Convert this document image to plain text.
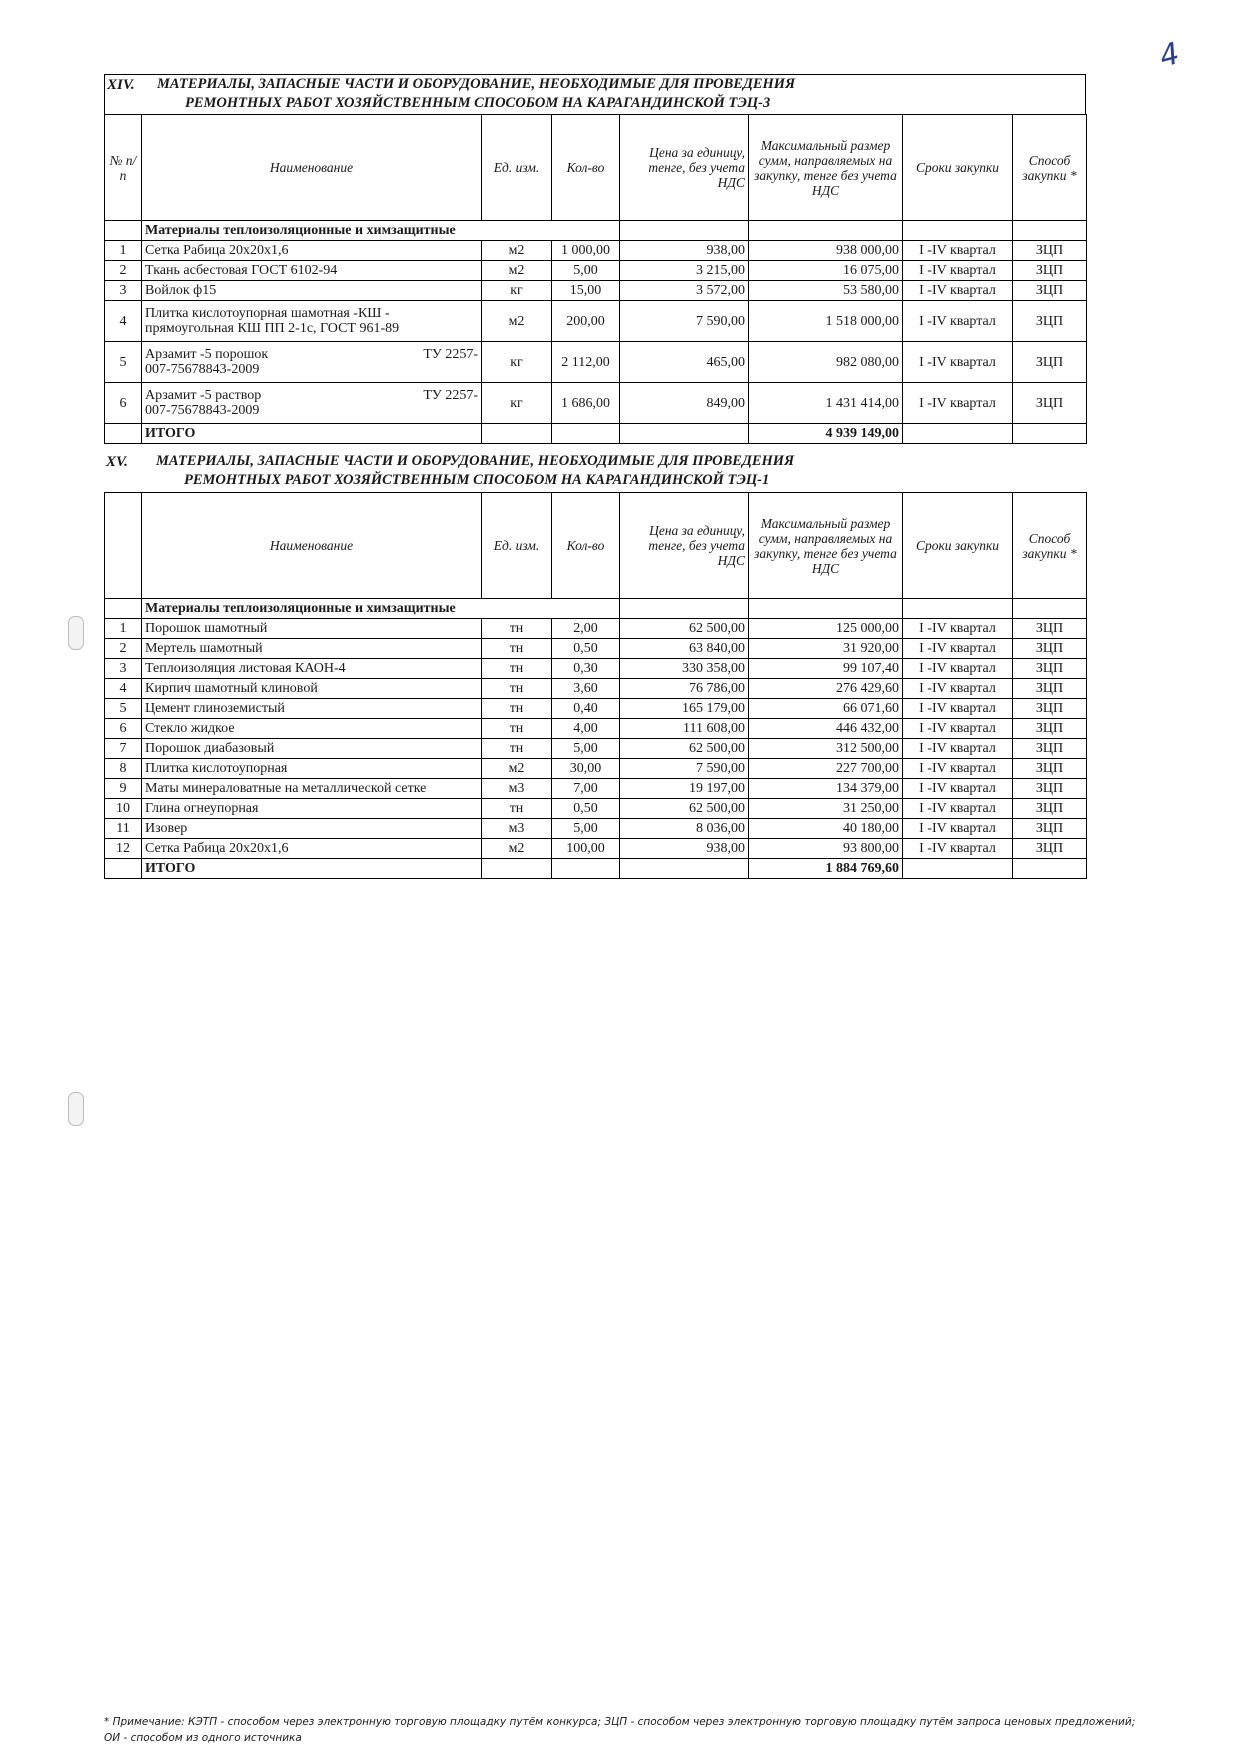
4
XIV. МАТЕРИАЛЫ, ЗАПАСНЫЕ ЧАСТИ И ОБОРУДОВАНИЕ, НЕОБХОДИМЫЕ ДЛЯ ПРОВЕДЕНИЯ
РЕМОНТНЫХ РАБОТ ХОЗЯЙСТВЕННЫМ СПОСОБОМ НА КАРАГАНДИНСКОЙ ТЭЦ-3
№ п/п	Наименование	Ед. изм.	Кол-во	Цена за единицу, тенге, без учета НДС	Максимальный размер сумм, направляемых на закупку, тенге без учета НДС	Сроки закупки	Способ закупки *
	Материалы теплоизоляционные и химзащитные						
1	Сетка Рабица 20х20х1,6	м2	1 000,00	938,00	938 000,00	I -IV квартал	ЗЦП
2	Ткань асбестовая ГОСТ 6102-94	м2	5,00	3 215,00	16 075,00	I -IV квартал	ЗЦП
3	Войлок ф15	кг	15,00	3 572,00	53 580,00	I -IV квартал	ЗЦП
4	Плитка кислотоупорная шамотная -КШ - прямоугольная КШ ПП 2-1с, ГОСТ 961-89	м2	200,00	7 590,00	1 518 000,00	I -IV квартал	ЗЦП
5	Арзамит -5 порошок ТУ 2257-
007-75678843-2009	кг	2 112,00	465,00	982 080,00	I -IV квартал	ЗЦП
6	Арзамит -5 раствор ТУ 2257-
007-75678843-2009	кг	1 686,00	849,00	1 431 414,00	I -IV квартал	ЗЦП
	ИТОГО				4 939 149,00		
XV. МАТЕРИАЛЫ, ЗАПАСНЫЕ ЧАСТИ И ОБОРУДОВАНИЕ, НЕОБХОДИМЫЕ ДЛЯ ПРОВЕДЕНИЯ
РЕМОНТНЫХ РАБОТ ХОЗЯЙСТВЕННЫМ СПОСОБОМ НА КАРАГАНДИНСКОЙ ТЭЦ-1
	Наименование	Ед. изм.	Кол-во	Цена за единицу, тенге, без учета НДС	Максимальный размер сумм, направляемых на закупку, тенге без учета НДС	Сроки закупки	Способ закупки *
	Материалы теплоизоляционные и химзащитные						
1	Порошок шамотный	тн	2,00	62 500,00	125 000,00	I -IV квартал	ЗЦП
2	Мертель шамотный	тн	0,50	63 840,00	31 920,00	I -IV квартал	ЗЦП
3	Теплоизоляция листовая КАОН-4	тн	0,30	330 358,00	99 107,40	I -IV квартал	ЗЦП
4	Кирпич шамотный клиновой	тн	3,60	76 786,00	276 429,60	I -IV квартал	ЗЦП
5	Цемент глиноземистый	тн	0,40	165 179,00	66 071,60	I -IV квартал	ЗЦП
6	Стекло жидкое	тн	4,00	111 608,00	446 432,00	I -IV квартал	ЗЦП
7	Порошок диабазовый	тн	5,00	62 500,00	312 500,00	I -IV квартал	ЗЦП
8	Плитка кислотоупорная	м2	30,00	7 590,00	227 700,00	I -IV квартал	ЗЦП
9	Маты минераловатные на металлической сетке	м3	7,00	19 197,00	134 379,00	I -IV квартал	ЗЦП
10	Глина огнеупорная	тн	0,50	62 500,00	31 250,00	I -IV квартал	ЗЦП
11	Изовер	м3	5,00	8 036,00	40 180,00	I -IV квартал	ЗЦП
12	Сетка Рабица 20х20х1,6	м2	100,00	938,00	93 800,00	I -IV квартал	ЗЦП
	ИТОГО				1 884 769,60		
* Примечание: КЭТП - способом через электронную торговую площадку путём конкурса; ЗЦП - способом через электронную торговую площадку путём запроса ценовых предложений; ОИ - способом из одного источника
